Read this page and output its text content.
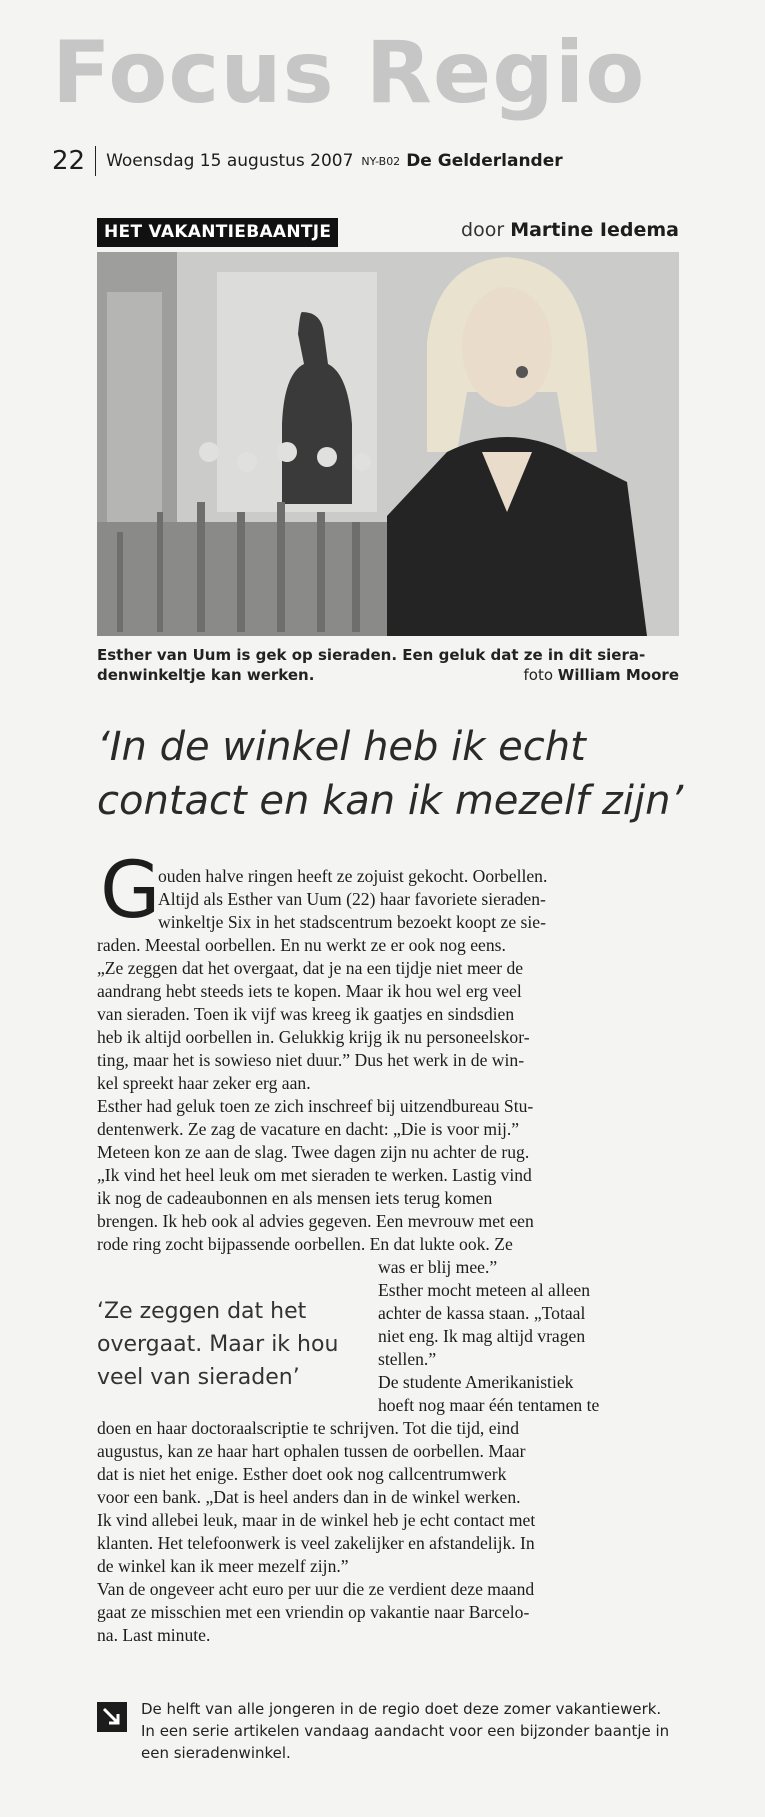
Focus Regio
22 Woensdag 15 augustus 2007 NY-B02 De Gelderlander
HET VAKANTIEBAANTJE	door Martine Iedema
Esther van Uum is gek op sieraden. Een geluk dat ze in dit siera-
denwinkeltje kan werken.	foto William Moore
‘In de winkel heb ik echt
contact en kan ik mezelf zijn’
G
ouden halve ringen heeft ze zojuist gekocht. Oorbellen.
Altijd als Esther van Uum (22) haar favoriete sieraden-
winkeltje Six in het stadscentrum bezoekt koopt ze sie-
raden. Meestal oorbellen. En nu werkt ze er ook nog eens.
„Ze zeggen dat het overgaat, dat je na een tijdje niet meer de
aandrang hebt steeds iets te kopen. Maar ik hou wel erg veel
van sieraden. Toen ik vijf was kreeg ik gaatjes en sindsdien
heb ik altijd oorbellen in. Gelukkig krijg ik nu personeelskor-
ting, maar het is sowieso niet duur.” Dus het werk in de win-
kel spreekt haar zeker erg aan.
Esther had geluk toen ze zich inschreef bij uitzendbureau Stu-
dentenwerk. Ze zag de vacature en dacht: „Die is voor mij.”
Meteen kon ze aan de slag. Twee dagen zijn nu achter de rug.
„Ik vind het heel leuk om met sieraden te werken. Lastig vind
ik nog de cadeaubonnen en als mensen iets terug komen
brengen. Ik heb ook al advies gegeven. Een mevrouw met een
rode ring zocht bijpassende oorbellen. En dat lukte ook. Ze
was er blij mee.”
Esther mocht meteen al alleen
achter de kassa staan. „Totaal
niet eng. Ik mag altijd vragen
stellen.”
De studente Amerikanistiek
hoeft nog maar één tentamen te
doen en haar doctoraalscriptie te schrijven. Tot die tijd, eind
augustus, kan ze haar hart ophalen tussen de oorbellen. Maar
dat is niet het enige. Esther doet ook nog callcentrumwerk
voor een bank. „Dat is heel anders dan in de winkel werken.
Ik vind allebei leuk, maar in de winkel heb je echt contact met
klanten. Het telefoonwerk is veel zakelijker en afstandelijk. In
de winkel kan ik meer mezelf zijn.”
Van de ongeveer acht euro per uur die ze verdient deze maand
gaat ze misschien met een vriendin op vakantie naar Barcelo-
na. Last minute.
‘Ze zeggen dat het
overgaat. Maar ik hou
veel van sieraden’
De helft van alle jongeren in de regio doet deze zomer vakantiewerk.
In een serie artikelen vandaag aandacht voor een bijzonder baantje in
een sieradenwinkel.
